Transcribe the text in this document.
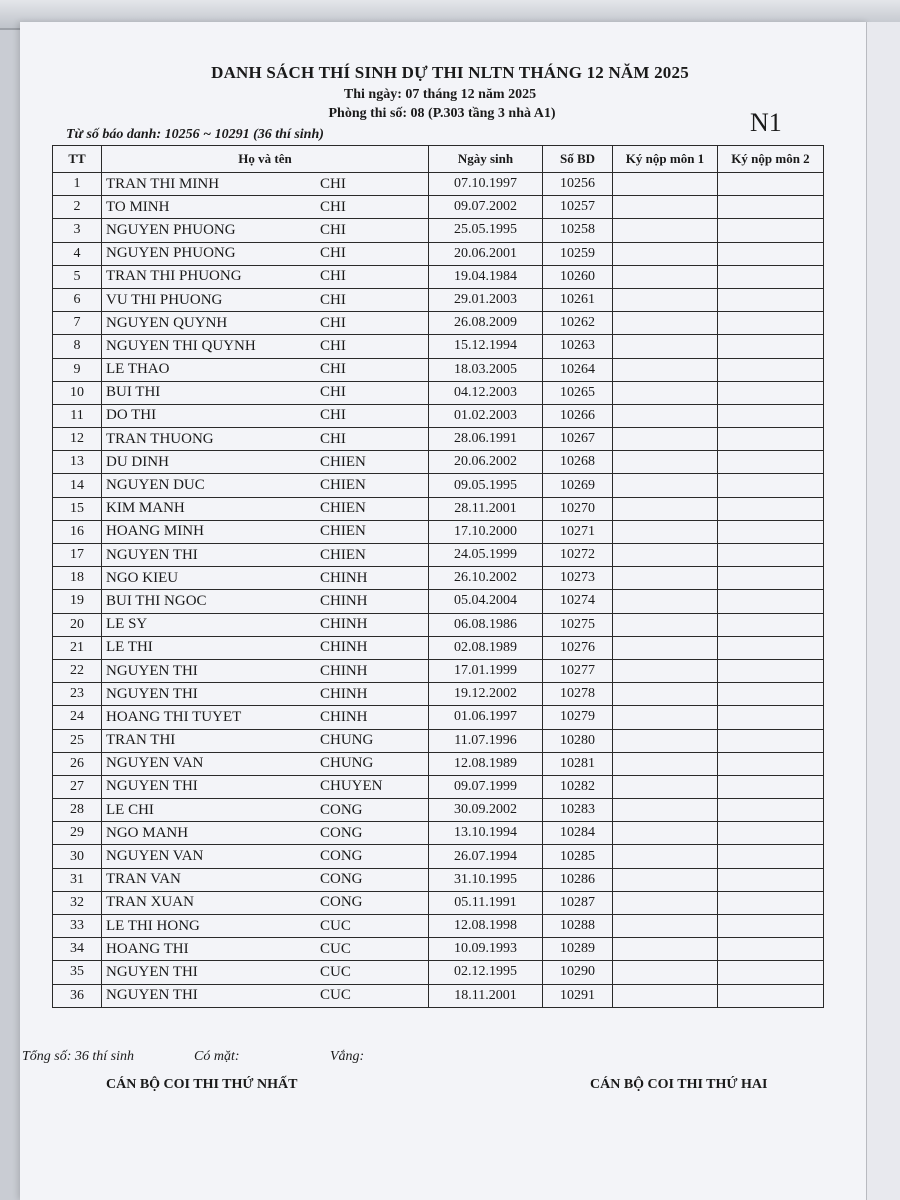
DANH SÁCH THÍ SINH DỰ THI NLTN THÁNG 12 NĂM 2025
Thi ngày: 07 tháng 12 năm 2025
Phòng thi số: 08 (P.303 tầng 3 nhà A1)	N1
Từ số báo danh: 10256 ~ 10291 (36 thí sinh)
TT	Họ và tên	Ngày sinh	Số BD	Ký nộp môn 1	Ký nộp môn 2
1	TRAN THI MINH CHI	07.10.1997	10256		
2	TO MINH CHI	09.07.2002	10257		
3	NGUYEN PHUONG CHI	25.05.1995	10258		
4	NGUYEN PHUONG CHI	20.06.2001	10259		
5	TRAN THI PHUONG CHI	19.04.1984	10260		
6	VU THI PHUONG CHI	29.01.2003	10261		
7	NGUYEN QUYNH CHI	26.08.2009	10262		
8	NGUYEN THI QUYNH CHI	15.12.1994	10263		
9	LE THAO CHI	18.03.2005	10264		
10	BUI THI CHI	04.12.2003	10265		
11	DO THI CHI	01.02.2003	10266		
12	TRAN THUONG CHI	28.06.1991	10267		
13	DU DINH CHIEN	20.06.2002	10268		
14	NGUYEN DUC CHIEN	09.05.1995	10269		
15	KIM MANH CHIEN	28.11.2001	10270		
16	HOANG MINH CHIEN	17.10.2000	10271		
17	NGUYEN THI CHIEN	24.05.1999	10272		
18	NGO KIEU CHINH	26.10.2002	10273		
19	BUI THI NGOC CHINH	05.04.2004	10274		
20	LE SY CHINH	06.08.1986	10275		
21	LE THI CHINH	02.08.1989	10276		
22	NGUYEN THI CHINH	17.01.1999	10277		
23	NGUYEN THI CHINH	19.12.2002	10278		
24	HOANG THI TUYET CHINH	01.06.1997	10279		
25	TRAN THI CHUNG	11.07.1996	10280		
26	NGUYEN VAN CHUNG	12.08.1989	10281		
27	NGUYEN THI CHUYEN	09.07.1999	10282		
28	LE CHI CONG	30.09.2002	10283		
29	NGO MANH CONG	13.10.1994	10284		
30	NGUYEN VAN CONG	26.07.1994	10285		
31	TRAN VAN CONG	31.10.1995	10286		
32	TRAN XUAN CONG	05.11.1991	10287		
33	LE THI HONG CUC	12.08.1998	10288		
34	HOANG THI CUC	10.09.1993	10289		
35	NGUYEN THI CUC	02.12.1995	10290		
36	NGUYEN THI CUC	18.11.2001	10291		
Tổng số: 36 thí sinh	Có mặt:	Vắng:
CÁN BỘ COI THI THỨ NHẤT	CÁN BỘ COI THI THỨ HAI
